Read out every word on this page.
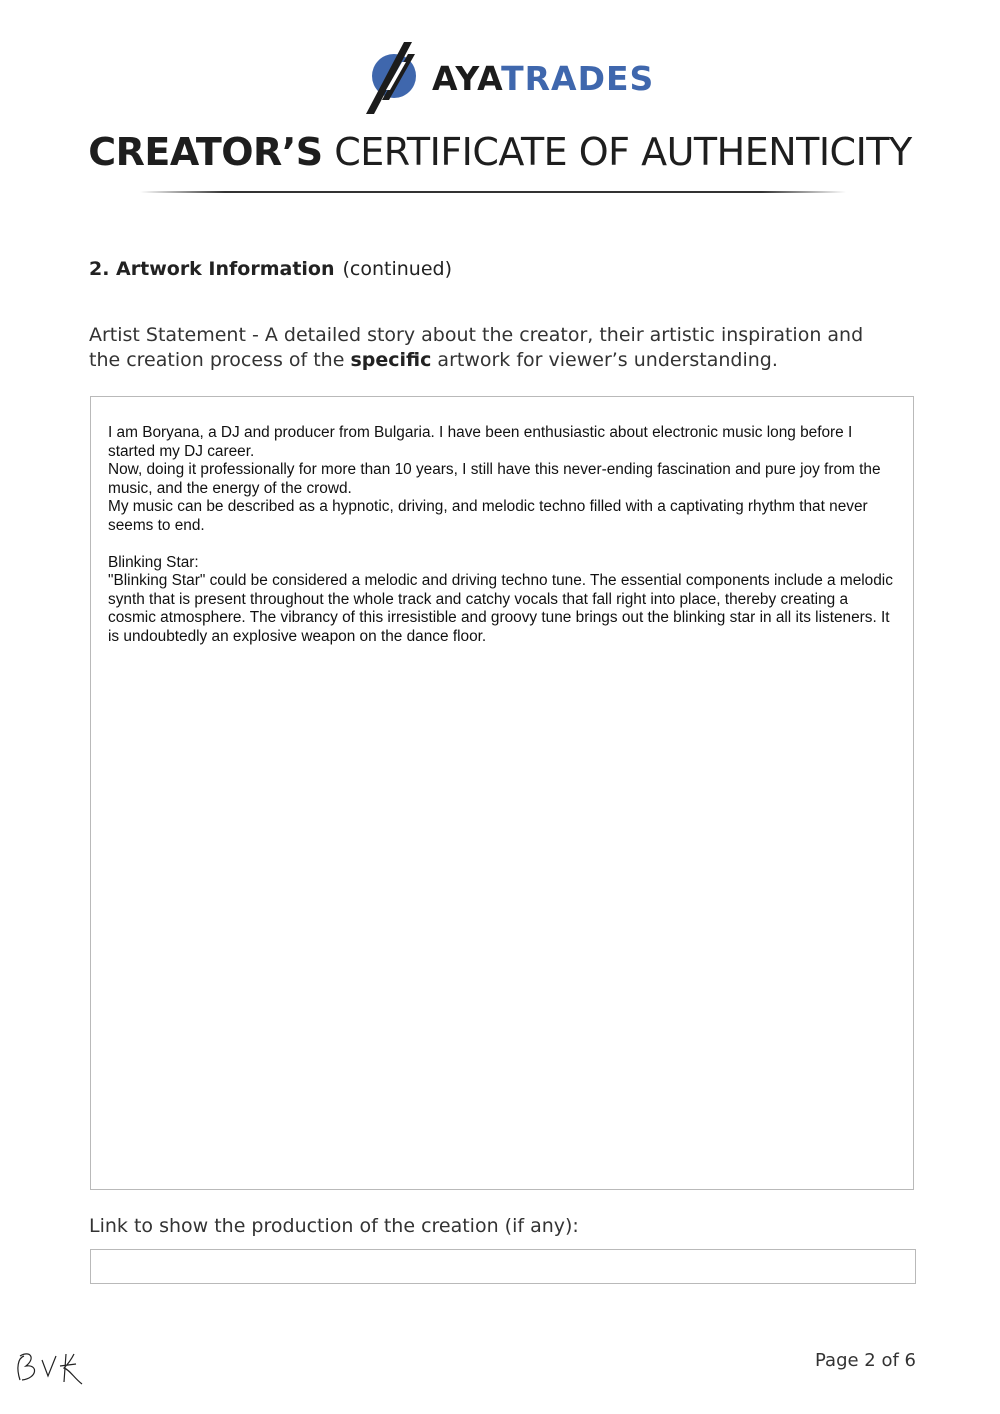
AYATRADES
CREATOR’S CERTIFICATE OF AUTHENTICITY
2. Artwork Information (continued)
Artist Statement - A detailed story about the creator, their artistic inspiration and the creation process of the specific artwork for viewer’s understanding.

I am Boryana, a DJ and producer from Bulgaria. I have been enthusiastic about electronic music long before I started my DJ career.

Now, doing it professionally for more than 10 years, I still have this never-ending fascination and pure joy from the music, and the energy of the crowd.

My music can be described as a hypnotic, driving, and melodic techno filled with a captivating rhythm that never seems to end.

Blinking Star:

"Blinking Star" could be considered a melodic and driving techno tune. The essential components include a melodic synth that is present throughout the whole track and catchy vocals that fall right into place, thereby creating a cosmic atmosphere. The vibrancy of this irresistible and groovy tune brings out the blinking star in all its listeners. It is undoubtedly an explosive weapon on the dance floor.

Link to show the production of the creation (if any):
Page 2 of 6
